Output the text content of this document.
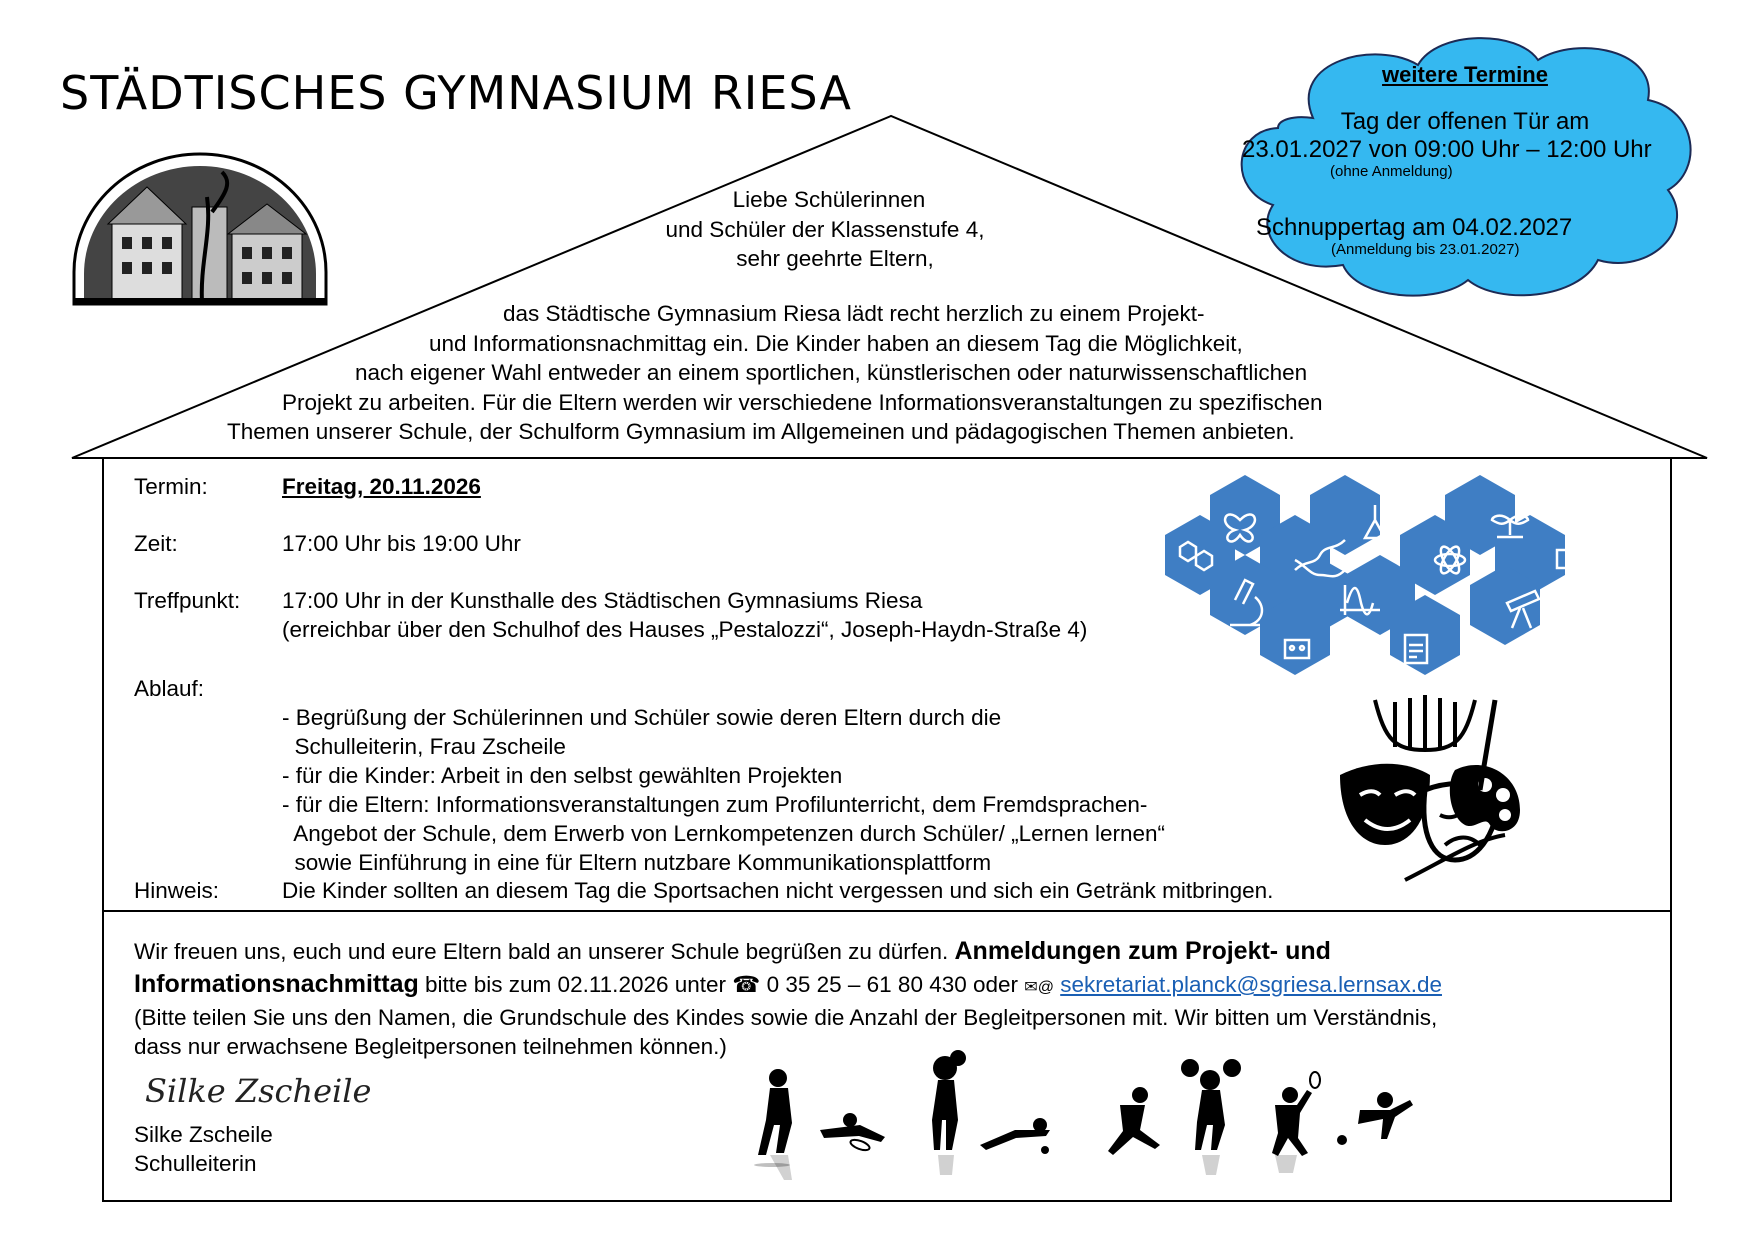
STÄDTISCHES GYMNASIUM RIESA
Liebe Schülerinnen
und Schüler der Klassenstufe 4,
sehr geehrte Eltern,
das Städtische Gymnasium Riesa lädt recht herzlich zu einem Projekt-
und Informationsnachmittag ein. Die Kinder haben an diesem Tag die Möglichkeit,
nach eigener Wahl entweder an einem sportlichen, künstlerischen oder naturwissenschaftlichen
Projekt zu arbeiten. Für die Eltern werden wir verschiedene Informationsveranstaltungen zu spezifischen
Themen unserer Schule, der Schulform Gymnasium im Allgemeinen und pädagogischen Themen anbieten.
weitere Termine
Tag der offenen Tür am
23.01.2027 von 09:00 Uhr – 12:00 Uhr
(ohne Anmeldung)
Schnuppertag am 04.02.2027
(Anmeldung bis 23.01.2027)
Termin:	Freitag, 20.11.2026
Zeit:	17:00 Uhr bis 19:00 Uhr
Treffpunkt: 17:00 Uhr in der Kunsthalle des Städtischen Gymnasiums Riesa
(erreichbar über den Schulhof des Hauses „Pestalozzi“, Joseph-Haydn-Straße 4)
Ablauf:

- Begrüßung der Schülerinnen und Schüler sowie deren Eltern durch die
Schulleiterin, Frau Zscheile
- für die Kinder: Arbeit in den selbst gewählten Projekten
- für die Eltern: Informationsveranstaltungen zum Profilunterricht, dem Fremdsprachen-
Angebot der Schule, dem Erwerb von Lernkompetenzen durch Schüler/ „Lernen lernen“
sowie Einführung in eine für Eltern nutzbare Kommunikationsplattform

Hinweis:	Die Kinder sollten an diesem Tag die Sportsachen nicht vergessen und sich ein Getränk mitbringen.
Wir freuen uns, euch und eure Eltern bald an unserer Schule begrüßen zu dürfen. Anmeldungen zum Projekt- und
Informationsnachmittag bitte bis zum 02.11.2026 unter ☎ 0 35 25 – 61 80 430 oder ✉@ sekretariat.planck@sgriesa.lernsax.de
(Bitte teilen Sie uns den Namen, die Grundschule des Kindes sowie die Anzahl der Begleitpersonen mit. Wir bitten um Verständnis,
dass nur erwachsene Begleitpersonen teilnehmen können.)
Silke Zscheile
Silke Zscheile
Schulleiterin
